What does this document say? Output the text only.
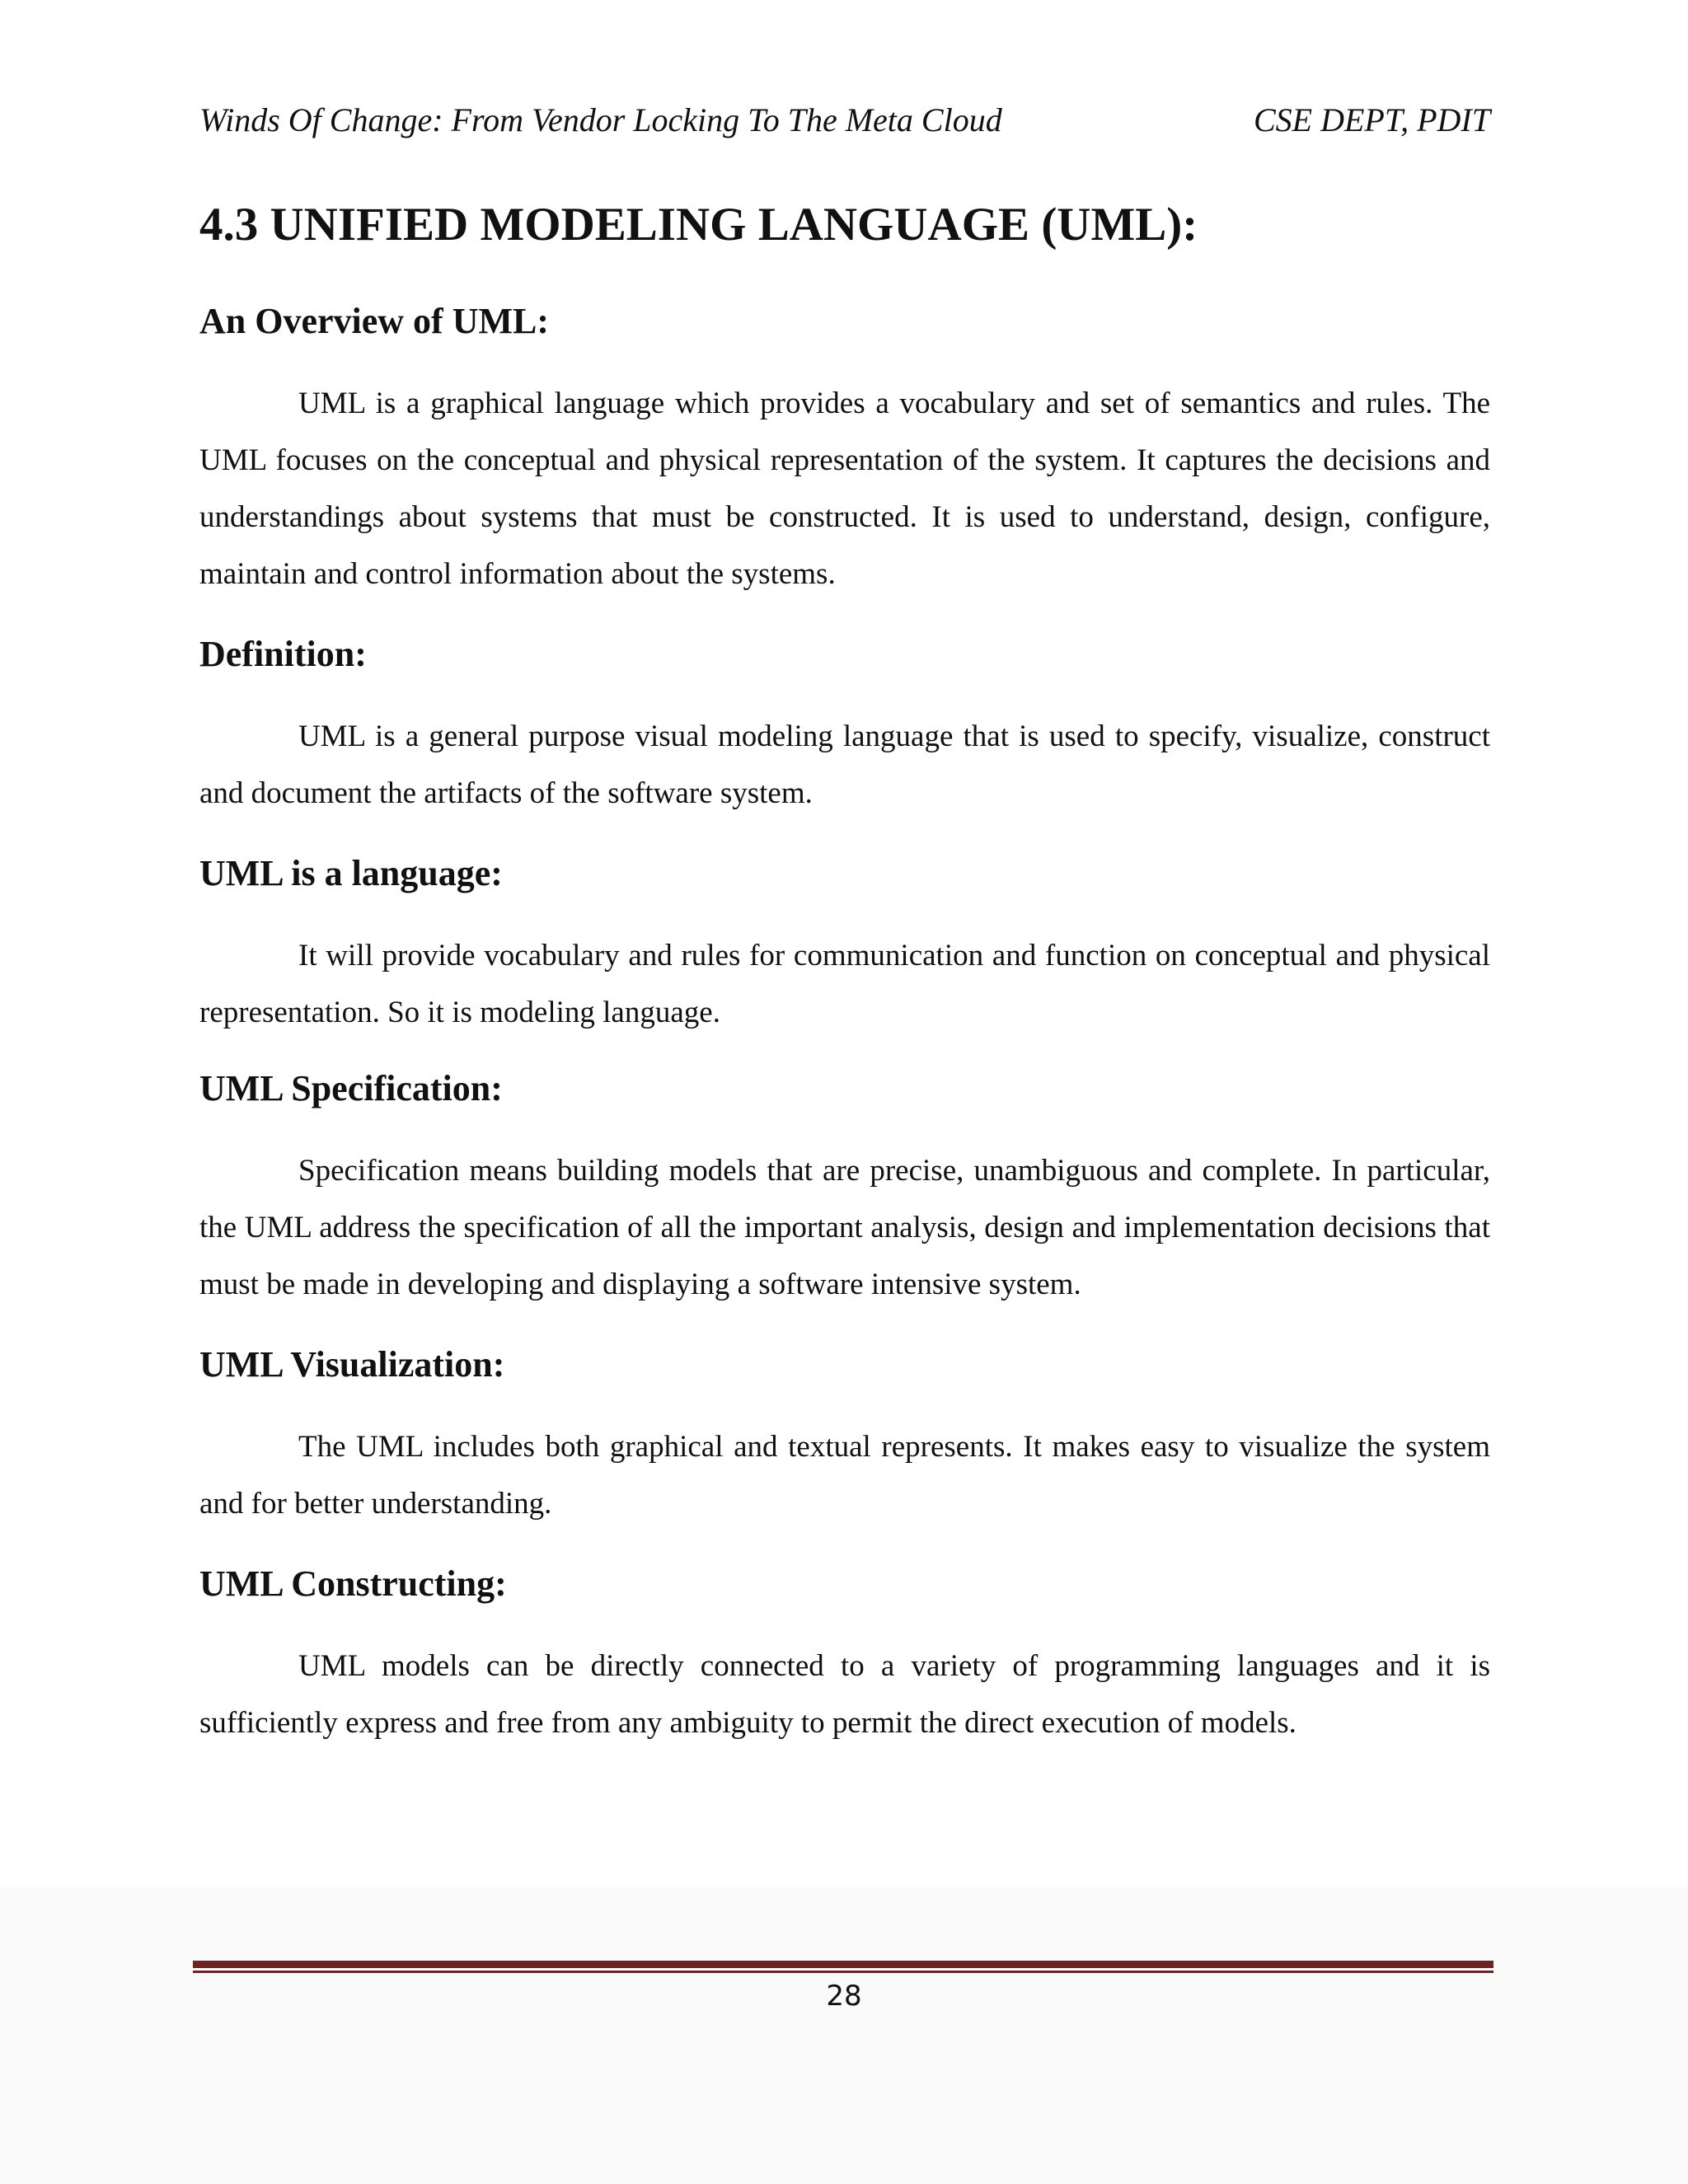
Winds Of Change: From Vendor Locking To The Meta Cloud	CSE DEPT, PDIT
4.3 UNIFIED MODELING LANGUAGE (UML):
An Overview of UML:

UML is a graphical language which provides a vocabulary and set of semantics and rules. The UML focuses on the conceptual and physical representation of the system. It captures the decisions and understandings about systems that must be constructed. It is used to understand, design, configure, maintain and control information about the systems.

Definition:

UML is a general purpose visual modeling language that is used to specify, visualize, construct and document the artifacts of the software system.

UML is a language:

It will provide vocabulary and rules for communication and function on conceptual and physical representation. So it is modeling language.

UML Specification:

Specification means building models that are precise, unambiguous and complete. In particular, the UML address the specification of all the important analysis, design and implementation decisions that must be made in developing and displaying a software intensive system.

UML Visualization:

The UML includes both graphical and textual represents. It makes easy to visualize the system and for better understanding.

UML Constructing:

UML models can be directly connected to a variety of programming languages and it is sufficiently express and free from any ambiguity to permit the direct execution of models.

28
